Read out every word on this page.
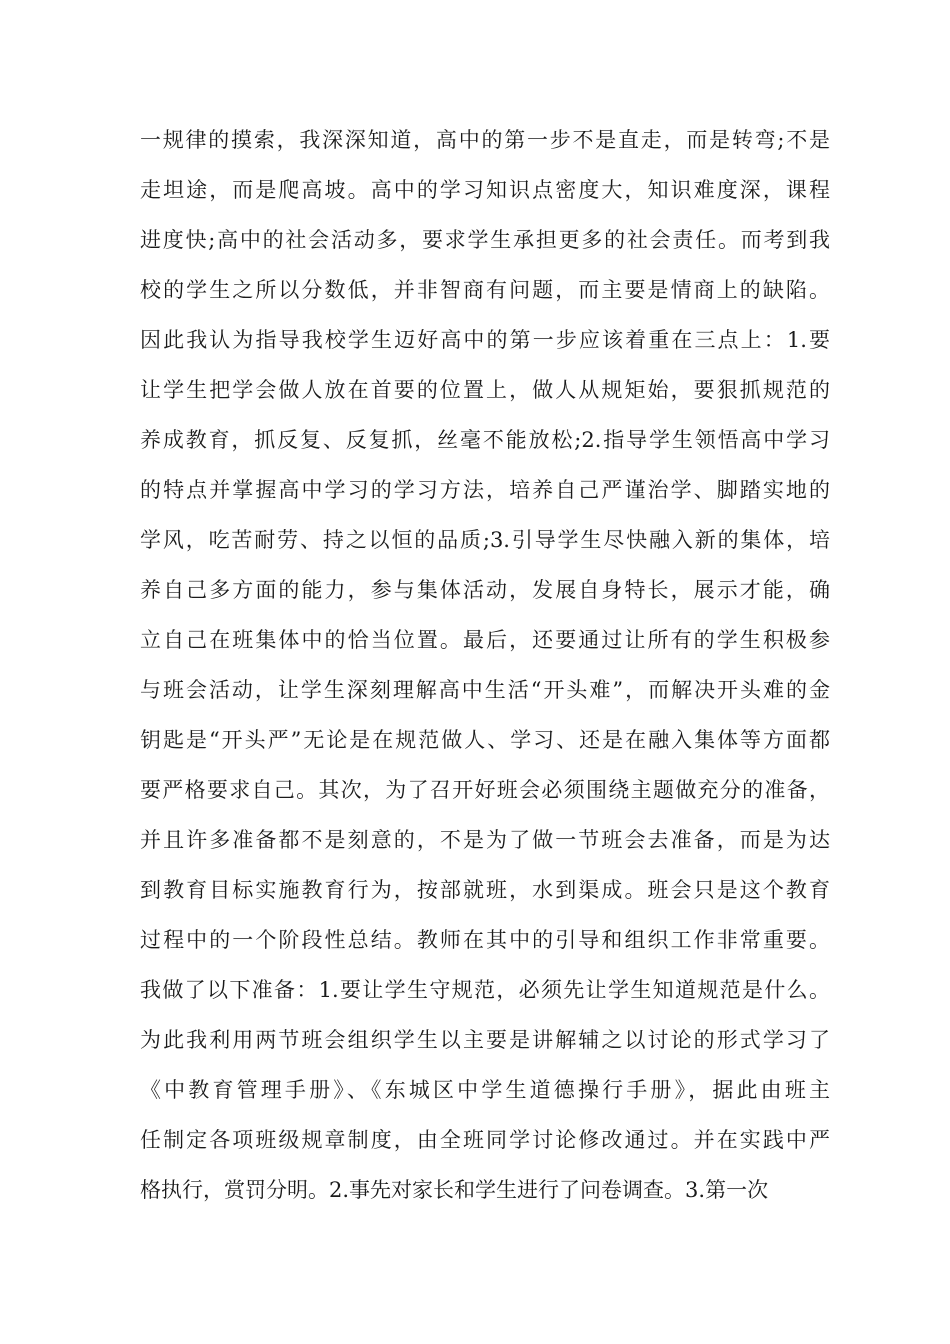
一规律的摸索，我深深知道，高中的第一步不是直走，而是转弯;不是
走坦途，而是爬高坡。高中的学习知识点密度大，知识难度深，课程
进度快;高中的社会活动多，要求学生承担更多的社会责任。而考到我
校的学生之所以分数低，并非智商有问题，而主要是情商上的缺陷。
因此我认为指导我校学生迈好高中的第一步应该着重在三点上：1.要
让学生把学会做人放在首要的位置上，做人从规矩始，要狠抓规范的
养成教育，抓反复、反复抓，丝毫不能放松;2.指导学生领悟高中学习
的特点并掌握高中学习的学习方法，培养自己严谨治学、脚踏实地的
学风，吃苦耐劳、持之以恒的品质;3.引导学生尽快融入新的集体，培
养自己多方面的能力，参与集体活动，发展自身特长，展示才能，确
立自己在班集体中的恰当位置。最后，还要通过让所有的学生积极参
与班会活动，让学生深刻理解高中生活“开头难”，而解决开头难的金
钥匙是“开头严”无论是在规范做人、学习、还是在融入集体等方面都
要严格要求自己。其次，为了召开好班会必须围绕主题做充分的准备，
并且许多准备都不是刻意的，不是为了做一节班会去准备，而是为达
到教育目标实施教育行为，按部就班，水到渠成。班会只是这个教育
过程中的一个阶段性总结。教师在其中的引导和组织工作非常重要。
我做了以下准备：1.要让学生守规范，必须先让学生知道规范是什么。
为此我利用两节班会组织学生以主要是讲解辅之以讨论的形式学习了
《中教育管理手册》、《东城区中学生道德操行手册》，据此由班主
任制定各项班级规章制度，由全班同学讨论修改通过。并在实践中严
格执行，赏罚分明。2.事先对家长和学生进行了问卷调查。3.第一次
